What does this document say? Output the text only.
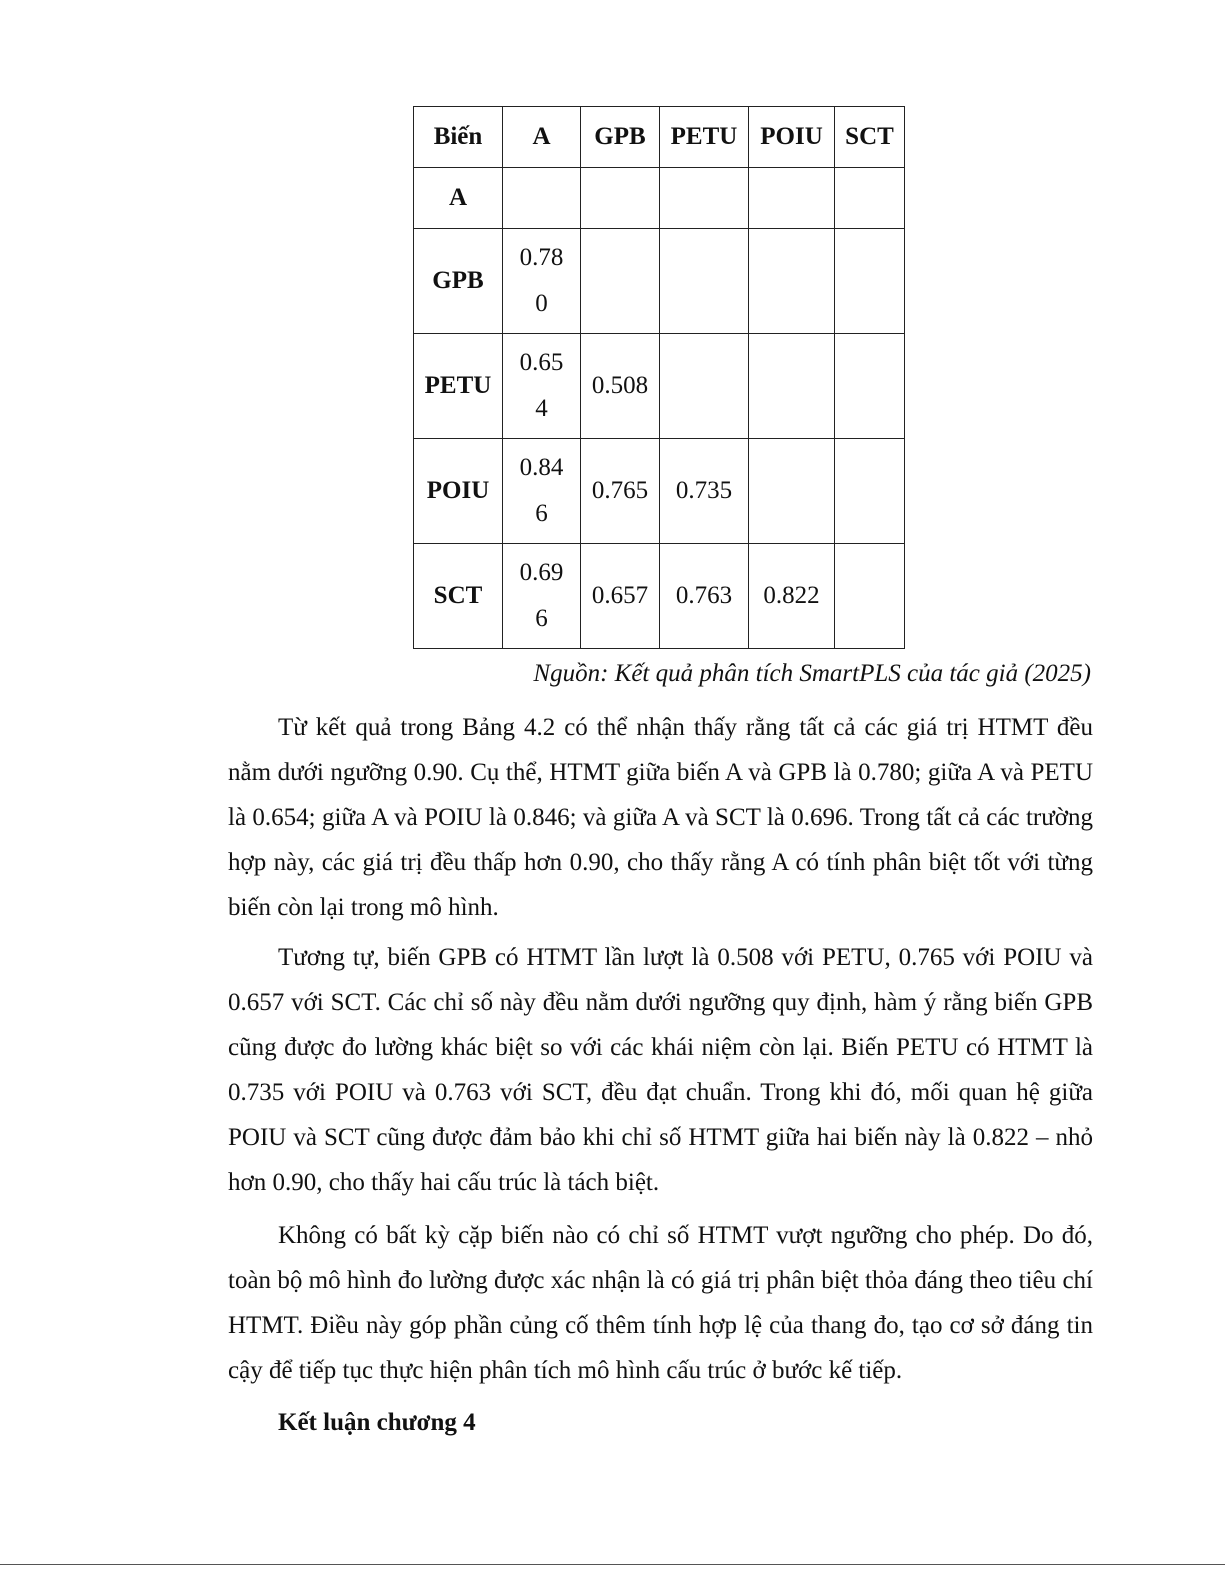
Biến	A	GPB	PETU	POIU	SCT
A					
GPB	0.780				
PETU	0.654	0.508			
POIU	0.846	0.765	0.735		
SCT	0.696	0.657	0.763	0.822	
Nguồn: Kết quả phân tích SmartPLS của tác giả (2025)

Từ kết quả trong Bảng 4.2 có thể nhận thấy rằng tất cả các giá trị HTMT đều nằm dưới ngưỡng 0.90. Cụ thể, HTMT giữa biến A và GPB là 0.780; giữa A và PETU là 0.654; giữa A và POIU là 0.846; và giữa A và SCT là 0.696. Trong tất cả các trường hợp này, các giá trị đều thấp hơn 0.90, cho thấy rằng A có tính phân biệt tốt với từng biến còn lại trong mô hình.

Tương tự, biến GPB có HTMT lần lượt là 0.508 với PETU, 0.765 với POIU và 0.657 với SCT. Các chỉ số này đều nằm dưới ngưỡng quy định, hàm ý rằng biến GPB cũng được đo lường khác biệt so với các khái niệm còn lại. Biến PETU có HTMT là 0.735 với POIU và 0.763 với SCT, đều đạt chuẩn. Trong khi đó, mối quan hệ giữa POIU và SCT cũng được đảm bảo khi chỉ số HTMT giữa hai biến này là 0.822 – nhỏ hơn 0.90, cho thấy hai cấu trúc là tách biệt.

Không có bất kỳ cặp biến nào có chỉ số HTMT vượt ngưỡng cho phép. Do đó, toàn bộ mô hình đo lường được xác nhận là có giá trị phân biệt thỏa đáng theo tiêu chí HTMT. Điều này góp phần củng cố thêm tính hợp lệ của thang đo, tạo cơ sở đáng tin cậy để tiếp tục thực hiện phân tích mô hình cấu trúc ở bước kế tiếp.

Kết luận chương 4
